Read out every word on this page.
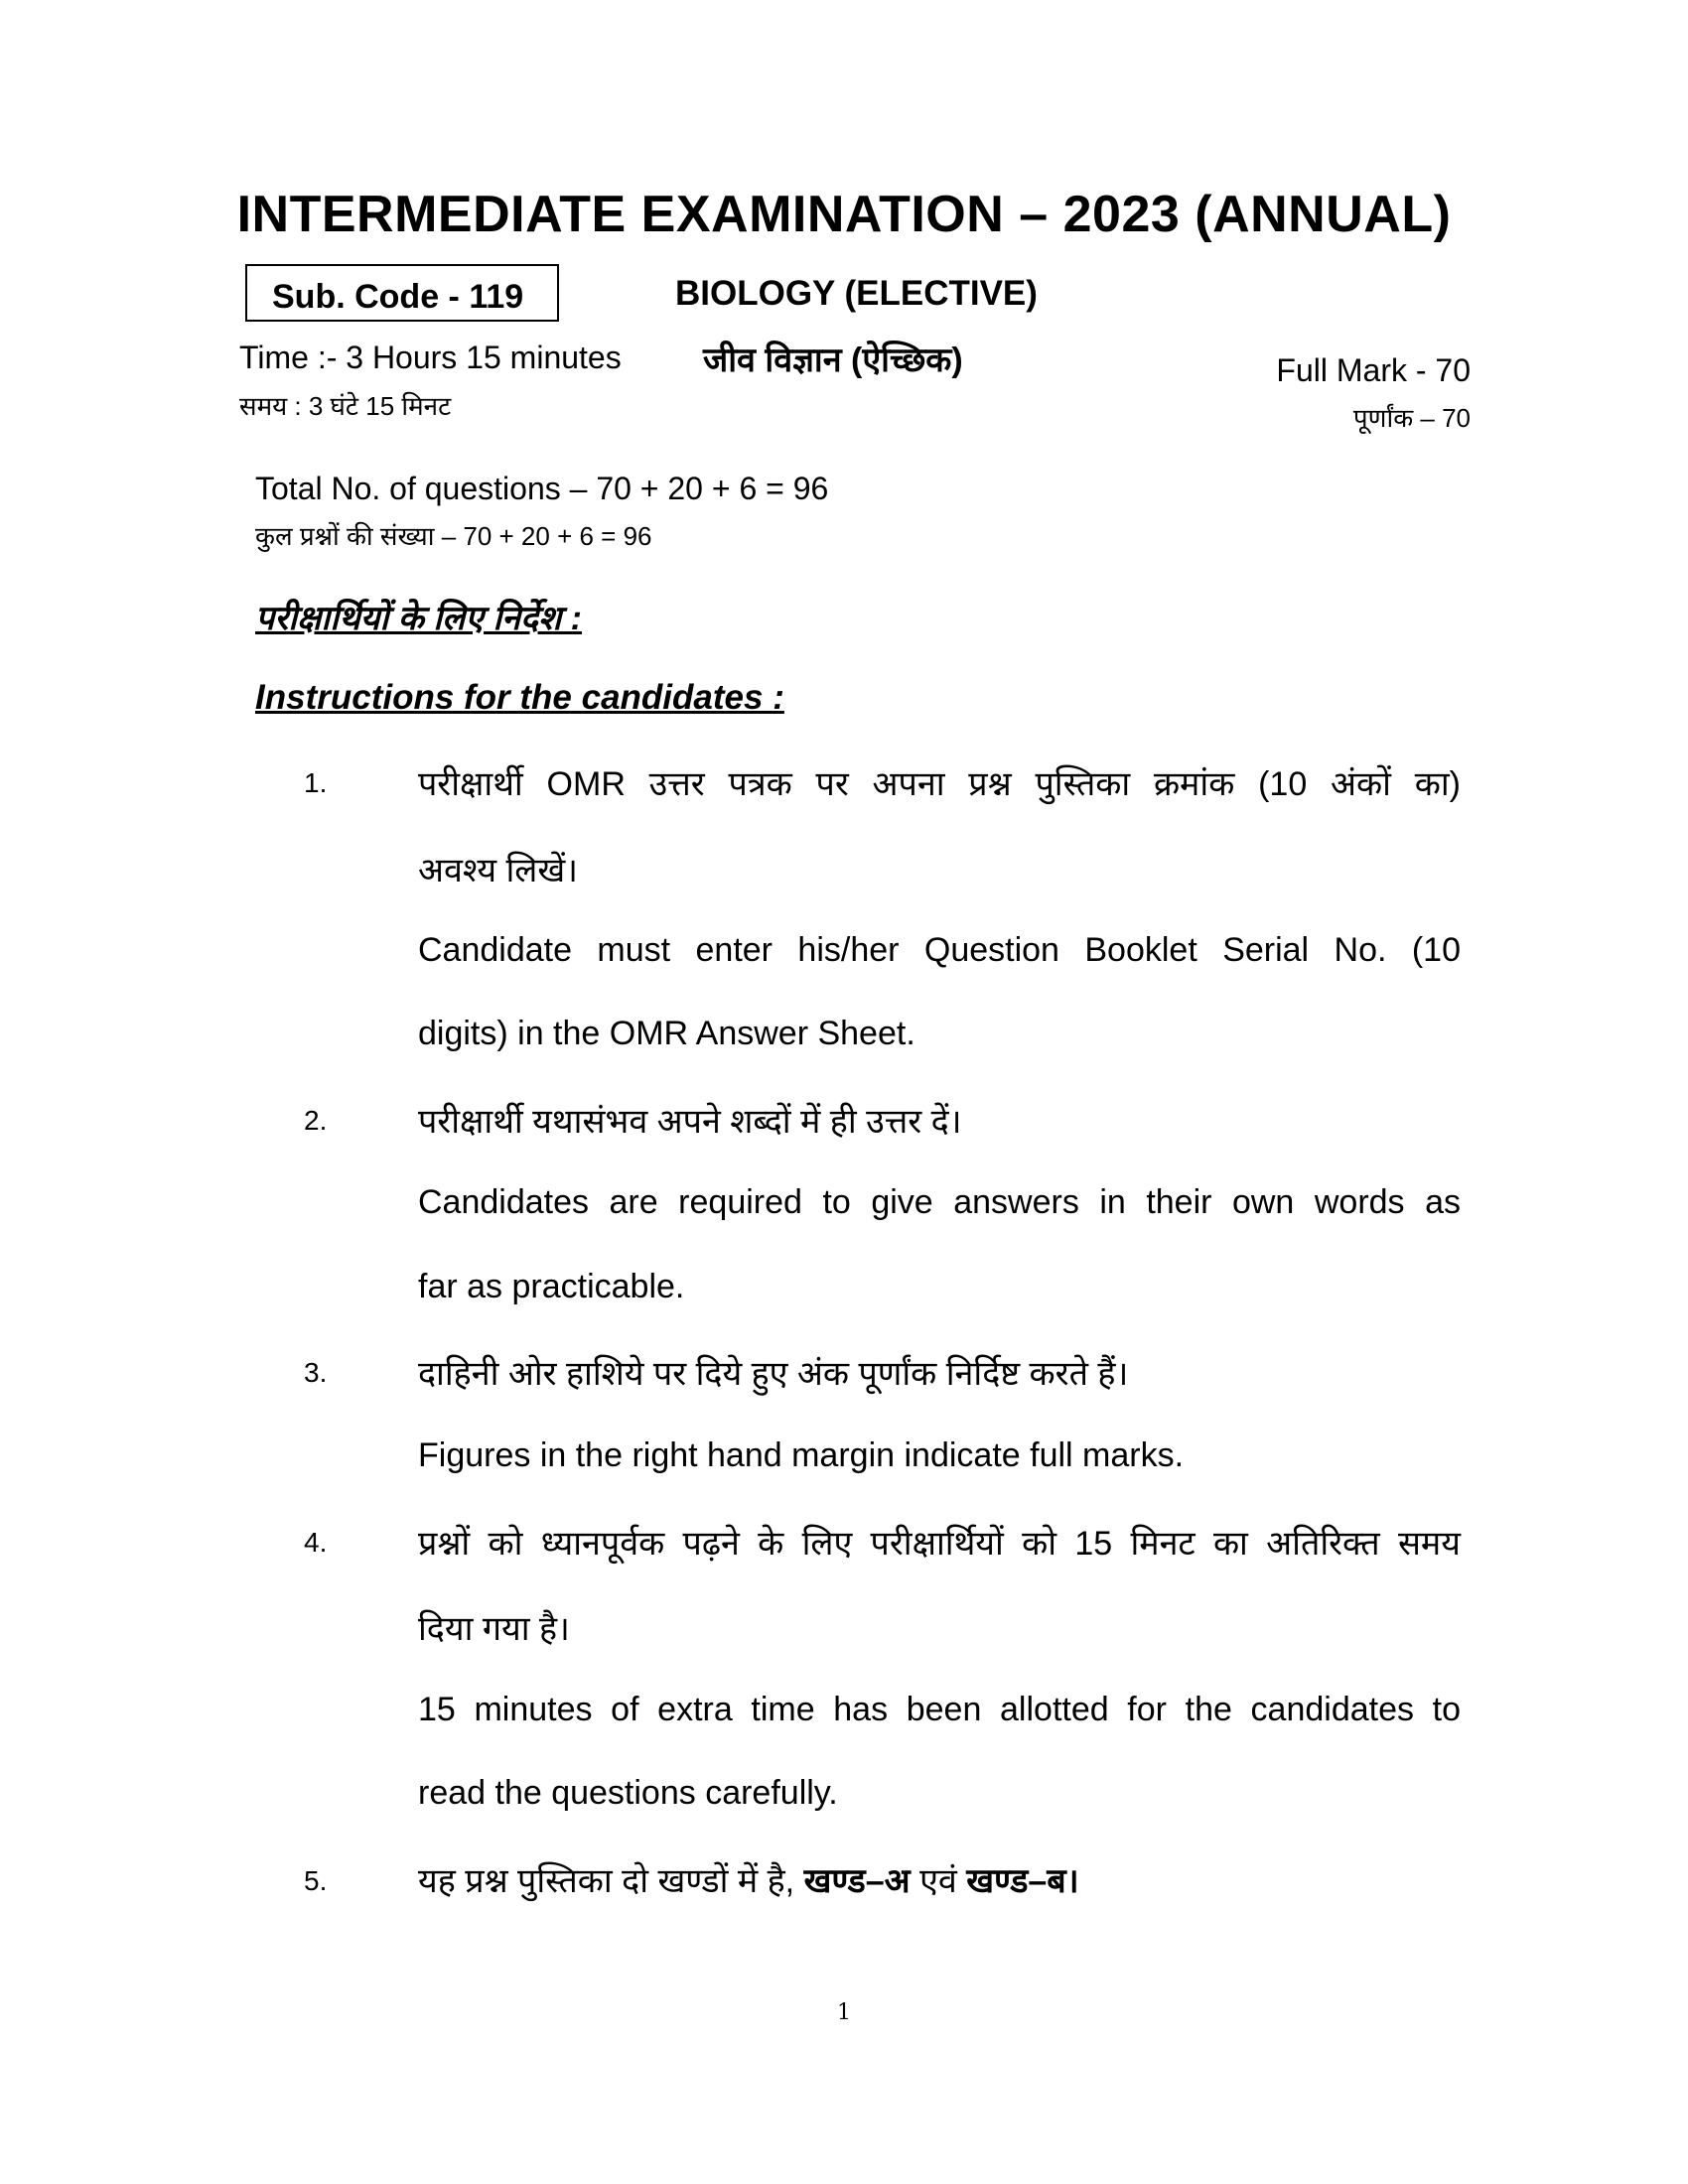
INTERMEDIATE EXAMINATION – 2023 (ANNUAL)
Sub. Code - 119	BIOLOGY (ELECTIVE)
जीव विज्ञान (ऐच्छिक)
Time :- 3 Hours 15 minutes
समय : 3 घंटे 15 मिनट
Full Mark - 70
पूर्णांक – 70
Total No. of questions – 70 + 20 + 6 = 96
कुल प्रश्नों की संख्या – 70 + 20 + 6 = 96
परीक्षार्थियों के लिए निर्देश :
Instructions for the candidates :
1.	परीक्षार्थी OMR उत्तर पत्रक पर अपना प्रश्न पुस्तिका क्रमांक (10 अंकों का)
अवश्य लिखें।
Candidate must enter his/her Question Booklet Serial No. (10
digits) in the OMR Answer Sheet.
2.	परीक्षार्थी यथासंभव अपने शब्दों में ही उत्तर दें।
Candidates are required to give answers in their own words as
far as practicable.
3.	दाहिनी ओर हाशिये पर दिये हुए अंक पूर्णांक निर्दिष्ट करते हैं।
Figures in the right hand margin indicate full marks.
4.	प्रश्नों को ध्यानपूर्वक पढ़ने के लिए परीक्षार्थियों को 15 मिनट का अतिरिक्त समय
दिया गया है।
15 minutes of extra time has been allotted for the candidates to
read the questions carefully.
5.	यह प्रश्न पुस्तिका दो खण्डों में है, खण्ड–अ एवं खण्ड–ब।
1
